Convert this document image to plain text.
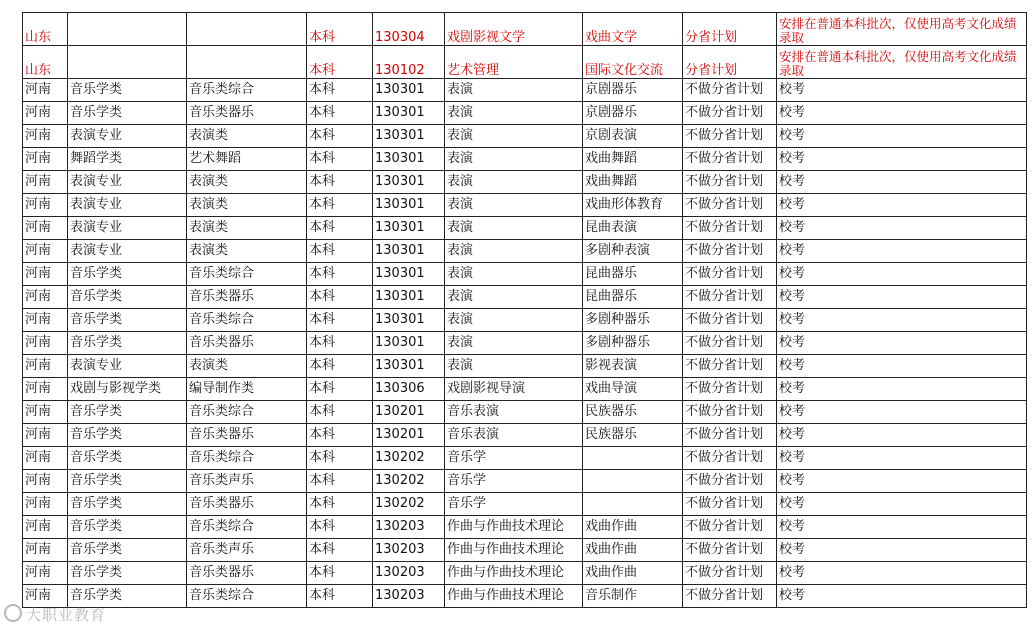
山东			本科	130304	戏剧影视文学	戏曲文学	分省计划	安排在普通本科批次，仅使用高考文化成绩录取
山东			本科	130102	艺术管理	国际文化交流	分省计划	安排在普通本科批次，仅使用高考文化成绩录取
河南	音乐学类	音乐类综合	本科	130301	表演	京剧器乐	不做分省计划	校考
河南	音乐学类	音乐类器乐	本科	130301	表演	京剧器乐	不做分省计划	校考
河南	表演专业	表演类	本科	130301	表演	京剧表演	不做分省计划	校考
河南	舞蹈学类	艺术舞蹈	本科	130301	表演	戏曲舞蹈	不做分省计划	校考
河南	表演专业	表演类	本科	130301	表演	戏曲舞蹈	不做分省计划	校考
河南	表演专业	表演类	本科	130301	表演	戏曲形体教育	不做分省计划	校考
河南	表演专业	表演类	本科	130301	表演	昆曲表演	不做分省计划	校考
河南	表演专业	表演类	本科	130301	表演	多剧种表演	不做分省计划	校考
河南	音乐学类	音乐类综合	本科	130301	表演	昆曲器乐	不做分省计划	校考
河南	音乐学类	音乐类器乐	本科	130301	表演	昆曲器乐	不做分省计划	校考
河南	音乐学类	音乐类综合	本科	130301	表演	多剧种器乐	不做分省计划	校考
河南	音乐学类	音乐类器乐	本科	130301	表演	多剧种器乐	不做分省计划	校考
河南	表演专业	表演类	本科	130301	表演	影视表演	不做分省计划	校考
河南	戏剧与影视学类	编导制作类	本科	130306	戏剧影视导演	戏曲导演	不做分省计划	校考
河南	音乐学类	音乐类综合	本科	130201	音乐表演	民族器乐	不做分省计划	校考
河南	音乐学类	音乐类器乐	本科	130201	音乐表演	民族器乐	不做分省计划	校考
河南	音乐学类	音乐类综合	本科	130202	音乐学		不做分省计划	校考
河南	音乐学类	音乐类声乐	本科	130202	音乐学		不做分省计划	校考
河南	音乐学类	音乐类器乐	本科	130202	音乐学		不做分省计划	校考
河南	音乐学类	音乐类综合	本科	130203	作曲与作曲技术理论	戏曲作曲	不做分省计划	校考
河南	音乐学类	音乐类声乐	本科	130203	作曲与作曲技术理论	戏曲作曲	不做分省计划	校考
河南	音乐学类	音乐类器乐	本科	130203	作曲与作曲技术理论	戏曲作曲	不做分省计划	校考
河南	音乐学类	音乐类综合	本科	130203	作曲与作曲技术理论	音乐制作	不做分省计划	校考
大职业教育
